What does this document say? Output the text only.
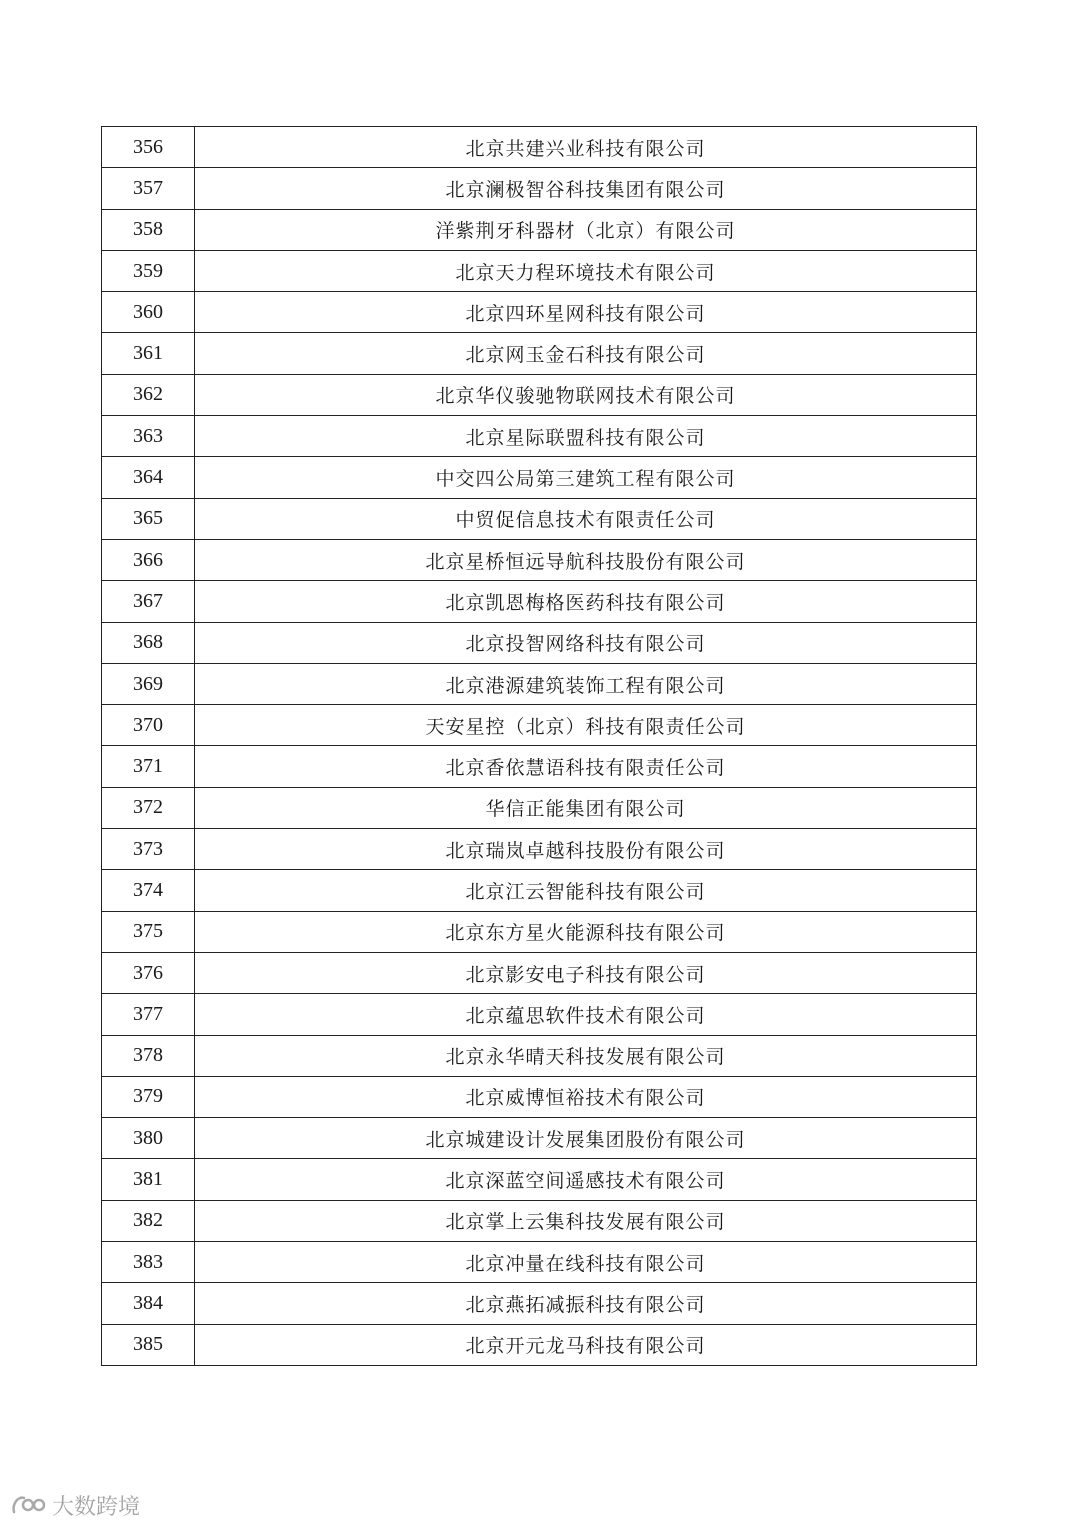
356	北京共建兴业科技有限公司
357	北京澜极智谷科技集团有限公司
358	洋紫荆牙科器材（北京）有限公司
359	北京天力程环境技术有限公司
360	北京四环星网科技有限公司
361	北京网玉金石科技有限公司
362	北京华仪骏驰物联网技术有限公司
363	北京星际联盟科技有限公司
364	中交四公局第三建筑工程有限公司
365	中贸促信息技术有限责任公司
366	北京星桥恒远导航科技股份有限公司
367	北京凯恩梅格医药科技有限公司
368	北京投智网络科技有限公司
369	北京港源建筑装饰工程有限公司
370	天安星控（北京）科技有限责任公司
371	北京香依慧语科技有限责任公司
372	华信正能集团有限公司
373	北京瑞岚卓越科技股份有限公司
374	北京江云智能科技有限公司
375	北京东方星火能源科技有限公司
376	北京影安电子科技有限公司
377	北京蕴思软件技术有限公司
378	北京永华晴天科技发展有限公司
379	北京威博恒裕技术有限公司
380	北京城建设计发展集团股份有限公司
381	北京深蓝空间遥感技术有限公司
382	北京掌上云集科技发展有限公司
383	北京冲量在线科技有限公司
384	北京燕拓减振科技有限公司
385	北京开元龙马科技有限公司
大数跨境
